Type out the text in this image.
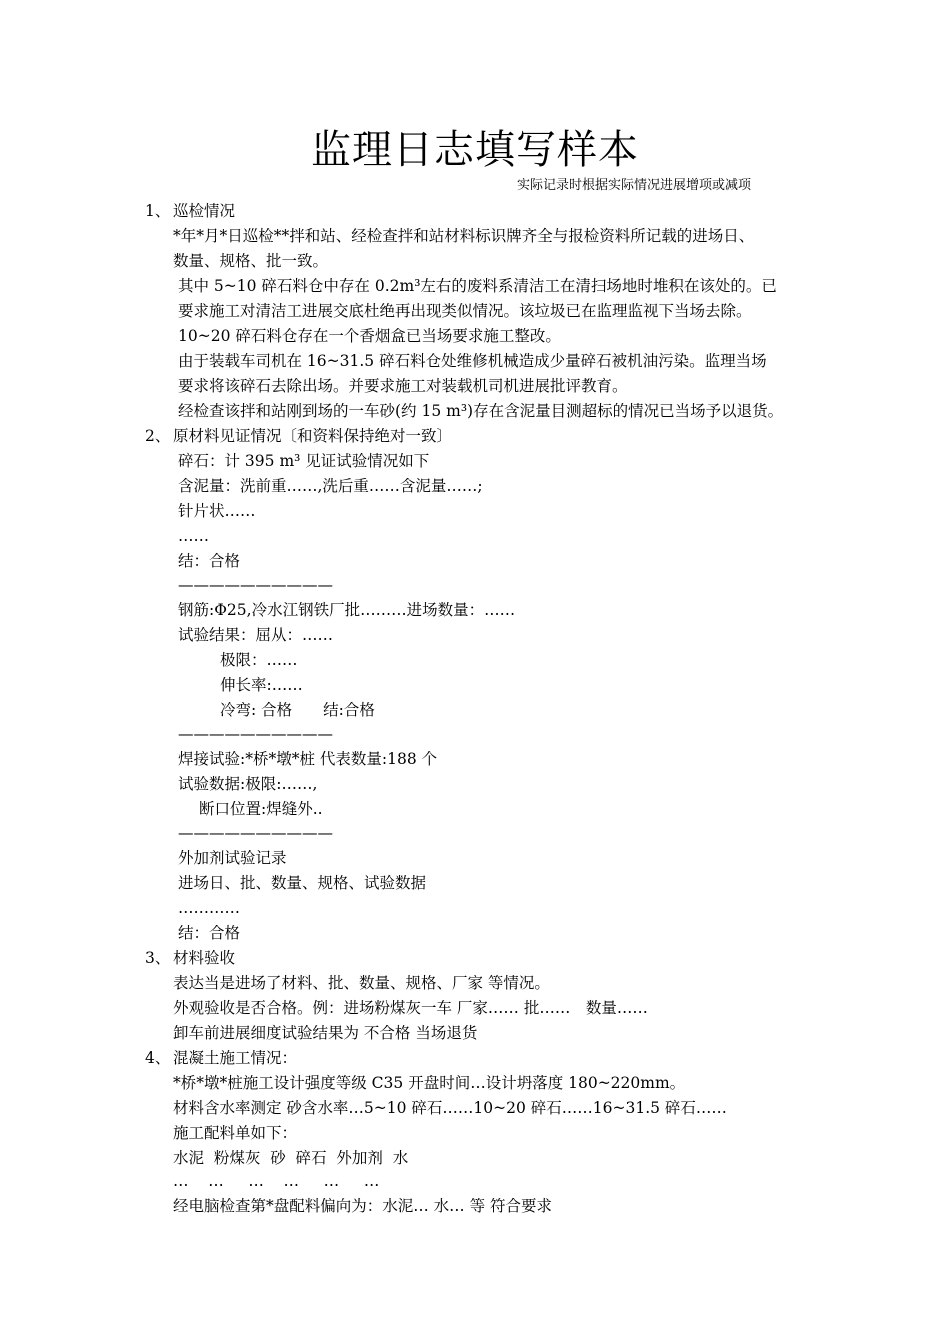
监理日志填写样本
实际记录时根据实际情况进展增项或减项
1、 巡检情况
*年*月*日巡检**拌和站、经检查拌和站材料标识牌齐全与报检资料所记载的进场日、
数量、规格、批一致。
其中 5~10 碎石料仓中存在 0.2m³左右的废料系清洁工在清扫场地时堆积在该处的。已
要求施工对清洁工进展交底杜绝再出现类似情况。该垃圾已在监理监视下当场去除。
10~20 碎石料仓存在一个香烟盒已当场要求施工整改。
由于装载车司机在 16~31.5 碎石料仓处维修机械造成少量碎石被机油污染。监理当场
要求将该碎石去除出场。并要求施工对装载机司机进展批评教育。
经检查该拌和站刚到场的一车砂(约 15 m³)存在含泥量目测超标的情况已当场予以退货。
2、 原材料见证情况〔和资料保持绝对一致〕
碎石：计 395 m³ 见证试验情况如下
含泥量：洗前重……,洗后重……含泥量……;
针片状……
……
结：合格
——————————
钢筋:Φ25,冷水江钢铁厂批………进场数量：……
试验结果：屈从：……
极限：……
伸长率:……
冷弯: 合格　　结:合格
——————————
焊接试验:*桥*墩*桩 代表数量:188 个
试验数据:极限:……,
断口位置:焊缝外..
——————————
外加剂试验记录
进场日、批、数量、规格、试验数据
…………
结：合格
3、 材料验收
表达当是进场了材料、批、数量、规格、厂家 等情况。
外观验收是否合格。例：进场粉煤灰一车 厂家…… 批……　数量……
卸车前进展细度试验结果为 不合格 当场退货
4、 混凝土施工情况：
*桥*墩*桩施工设计强度等级 C35 开盘时间…设计坍落度 180~220mm。
材料含水率测定 砂含水率…5~10 碎石……10~20 碎石……16~31.5 碎石……
施工配料单如下：
水泥  粉煤灰  砂  碎石  外加剂  水
…    …     …    …     …     …
经电脑检查第*盘配料偏向为：水泥… 水… 等 符合要求
